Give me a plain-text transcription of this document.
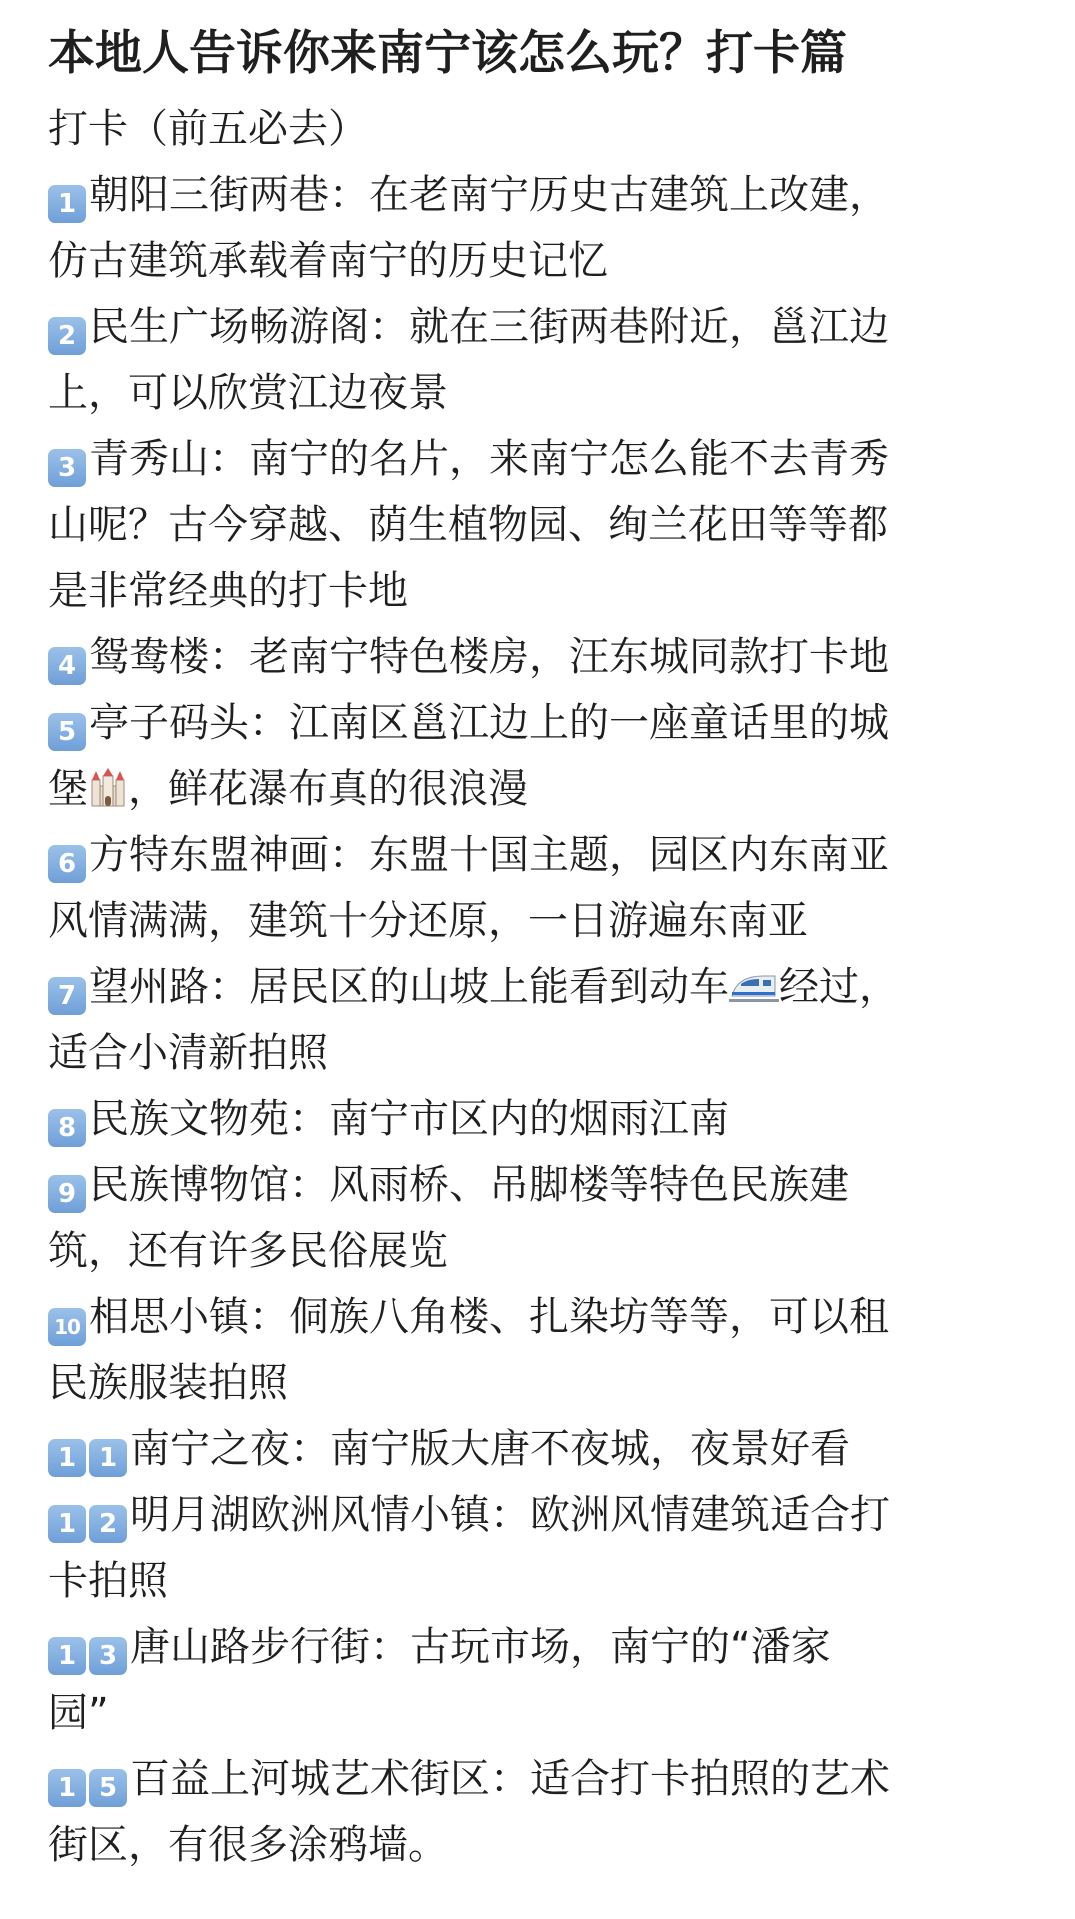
本地人告诉你来南宁该怎么玩？打卡篇

打卡（前五必去）

1 朝阳三街两巷：在老南宁历史古建筑上改建，

仿古建筑承载着南宁的历史记忆

2 民生广场畅游阁：就在三街两巷附近，邕江边

上，可以欣赏江边夜景

3 青秀山：南宁的名片，来南宁怎么能不去青秀

山呢？古今穿越、荫生植物园、绚兰花田等等都

是非常经典的打卡地

4 鸳鸯楼：老南宁特色楼房，汪东城同款打卡地

5 亭子码头：江南区邕江边上的一座童话里的城

堡 ，鲜花瀑布真的很浪漫

6 方特东盟神画：东盟十国主题，园区内东南亚

风情满满，建筑十分还原，一日游遍东南亚

7 望州路：居民区的山坡上能看到动车 经过，

适合小清新拍照

8 民族文物苑：南宁市区内的烟雨江南

9 民族博物馆：风雨桥、吊脚楼等特色民族建

筑，还有许多民俗展览

10 相思小镇：侗族八角楼、扎染坊等等，可以租

民族服装拍照

1 1 南宁之夜：南宁版大唐不夜城，夜景好看

1 2 明月湖欧洲风情小镇：欧洲风情建筑适合打

卡拍照

1 3 唐山路步行街：古玩市场，南宁的“潘家

园”

1 5 百益上河城艺术街区：适合打卡拍照的艺术

街区，有很多涂鸦墙。
